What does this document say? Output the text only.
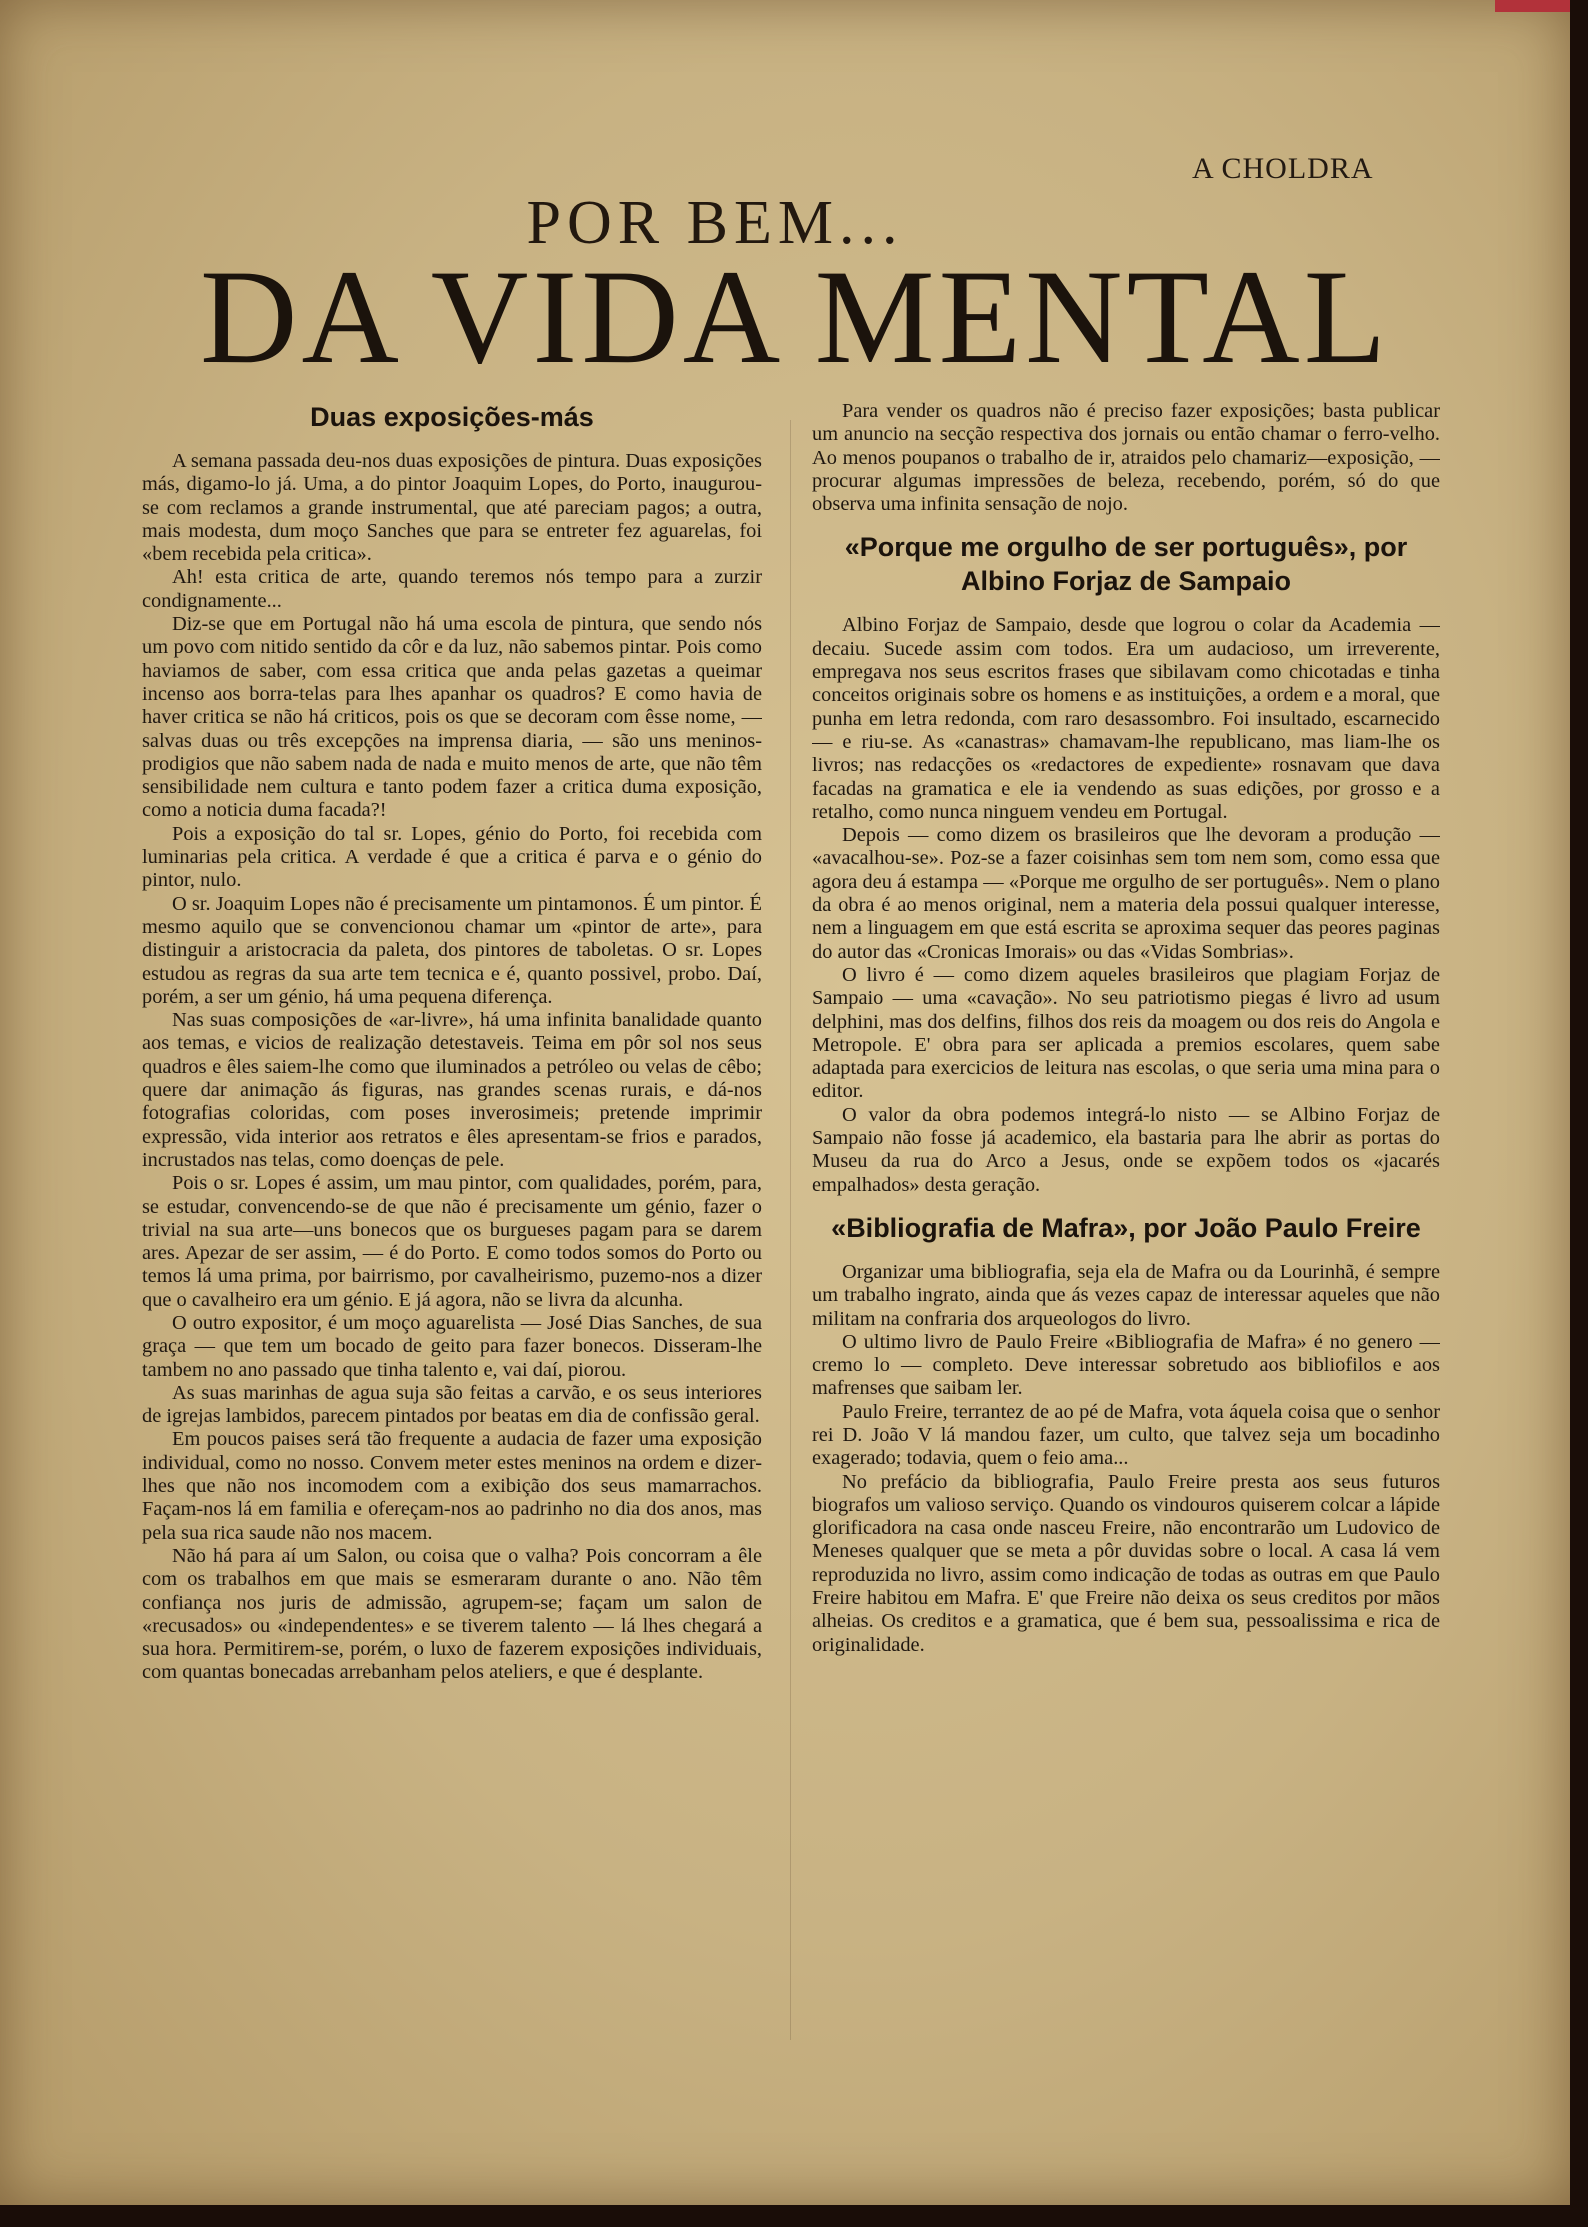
A CHOLDRA
POR BEM...
DA VIDA MENTAL
Duas exposições-más

A semana passada deu-nos duas exposições de pintura. Duas exposições más, digamo-lo já. Uma, a do pintor Joaquim Lopes, do Porto, inaugurou-se com reclamos a grande instrumental, que até pareciam pagos; a outra, mais modesta, dum moço Sanches que para se entreter fez aguarelas, foi «bem recebida pela critica».

Ah! esta critica de arte, quando teremos nós tempo para a zurzir condignamente...

Diz-se que em Portugal não há uma escola de pintura, que sendo nós um povo com nitido sentido da côr e da luz, não sabemos pintar. Pois como haviamos de saber, com essa critica que anda pelas gazetas a queimar incenso aos borra-telas para lhes apanhar os quadros? E como havia de haver critica se não há criticos, pois os que se decoram com êsse nome, — salvas duas ou três excepções na imprensa diaria, — são uns meninos-prodigios que não sabem nada de nada e muito menos de arte, que não têm sensibilidade nem cultura e tanto podem fazer a critica duma exposição, como a noticia duma facada?!

Pois a exposição do tal sr. Lopes, génio do Porto, foi recebida com luminarias pela critica. A verdade é que a critica é parva e o génio do pintor, nulo.

O sr. Joaquim Lopes não é precisamente um pintamonos. É um pintor. É mesmo aquilo que se convencionou chamar um «pintor de arte», para distinguir a aristocracia da paleta, dos pintores de taboletas. O sr. Lopes estudou as regras da sua arte tem tecnica e é, quanto possivel, probo. Daí, porém, a ser um génio, há uma pequena diferença.

Nas suas composições de «ar-livre», há uma infinita banalidade quanto aos temas, e vicios de realização detestaveis. Teima em pôr sol nos seus quadros e êles saiem-lhe como que iluminados a petróleo ou velas de cêbo; quere dar animação ás figuras, nas grandes scenas rurais, e dá-nos fotografias coloridas, com poses inverosimeis; pretende imprimir expressão, vida interior aos retratos e êles apresentam-se frios e parados, incrustados nas telas, como doenças de pele.

Pois o sr. Lopes é assim, um mau pintor, com qualidades, porém, para, se estudar, convencendo-se de que não é precisamente um génio, fazer o trivial na sua arte—uns bonecos que os burgueses pagam para se darem ares. Apezar de ser assim, — é do Porto. E como todos somos do Porto ou temos lá uma prima, por bairrismo, por cavalheirismo, puzemo-nos a dizer que o cavalheiro era um génio. E já agora, não se livra da alcunha.

O outro expositor, é um moço aguarelista — José Dias Sanches, de sua graça — que tem um bocado de geito para fazer bonecos. Disseram-lhe tambem no ano passado que tinha talento e, vai daí, piorou.

As suas marinhas de agua suja são feitas a carvão, e os seus interiores de igrejas lambidos, parecem pintados por beatas em dia de confissão geral.

Em poucos paises será tão frequente a audacia de fazer uma exposição individual, como no nosso. Convem meter estes meninos na ordem e dizer-lhes que não nos incomodem com a exibição dos seus mamarrachos. Façam-nos lá em familia e ofereçam-nos ao padrinho no dia dos anos, mas pela sua rica saude não nos macem.

Não há para aí um Salon, ou coisa que o valha? Pois concorram a êle com os trabalhos em que mais se esmeraram durante o ano. Não têm confiança nos juris de admissão, agrupem-se; façam um salon de «recusados» ou «independentes» e se tiverem talento — lá lhes chegará a sua hora. Permitirem-se, porém, o luxo de fazerem exposições individuais, com quantas bonecadas arrebanham pelos ateliers, e que é desplante.

Para vender os quadros não é preciso fazer exposições; basta publicar um anuncio na secção respectiva dos jornais ou então chamar o ferro-velho. Ao menos poupanos o trabalho de ir, atraidos pelo chamariz—exposição, —procurar algumas impressões de beleza, recebendo, porém, só do que observa uma infinita sensação de nojo.

«Porque me orgulho de ser português», por Albino Forjaz de Sampaio

Albino Forjaz de Sampaio, desde que logrou o colar da Academia — decaiu. Sucede assim com todos. Era um audacioso, um irreverente, empregava nos seus escritos frases que sibilavam como chicotadas e tinha conceitos originais sobre os homens e as instituições, a ordem e a moral, que punha em letra redonda, com raro desassombro. Foi insultado, escarnecido — e riu-se. As «canastras» chamavam-lhe republicano, mas liam-lhe os livros; nas redacções os «redactores de expediente» rosnavam que dava facadas na gramatica e ele ia vendendo as suas edições, por grosso e a retalho, como nunca ninguem vendeu em Portugal.

Depois — como dizem os brasileiros que lhe devoram a produção — «avacalhou-se». Poz-se a fazer coisinhas sem tom nem som, como essa que agora deu á estampa — «Porque me orgulho de ser português». Nem o plano da obra é ao menos original, nem a materia dela possui qualquer interesse, nem a linguagem em que está escrita se aproxima sequer das peores paginas do autor das «Cronicas Imorais» ou das «Vidas Sombrias».

O livro é — como dizem aqueles brasileiros que plagiam Forjaz de Sampaio — uma «cavação». No seu patriotismo piegas é livro ad usum delphini, mas dos delfins, filhos dos reis da moagem ou dos reis do Angola e Metropole. E' obra para ser aplicada a premios escolares, quem sabe adaptada para exercicios de leitura nas escolas, o que seria uma mina para o editor.

O valor da obra podemos integrá-lo nisto — se Albino Forjaz de Sampaio não fosse já academico, ela bastaria para lhe abrir as portas do Museu da rua do Arco a Jesus, onde se expõem todos os «jacarés empalhados» desta geração.

«Bibliografia de Mafra», por João Paulo Freire

Organizar uma bibliografia, seja ela de Mafra ou da Lourinhã, é sempre um trabalho ingrato, ainda que ás vezes capaz de interessar aqueles que não militam na confraria dos arqueologos do livro.

O ultimo livro de Paulo Freire «Bibliografia de Mafra» é no genero — cremo lo — completo. Deve interessar sobretudo aos bibliofilos e aos mafrenses que saibam ler.

Paulo Freire, terrantez de ao pé de Mafra, vota áquela coisa que o senhor rei D. João V lá mandou fazer, um culto, que talvez seja um bocadinho exagerado; todavia, quem o feio ama...

No prefácio da bibliografia, Paulo Freire presta aos seus futuros biografos um valioso serviço. Quando os vindouros quiserem colcar a lápide glorificadora na casa onde nasceu Freire, não encontrarão um Ludovico de Meneses qualquer que se meta a pôr duvidas sobre o local. A casa lá vem reproduzida no livro, assim como indicação de todas as outras em que Paulo Freire habitou em Mafra. E' que Freire não deixa os seus creditos por mãos alheias. Os creditos e a gramatica, que é bem sua, pessoalissima e rica de originalidade.
